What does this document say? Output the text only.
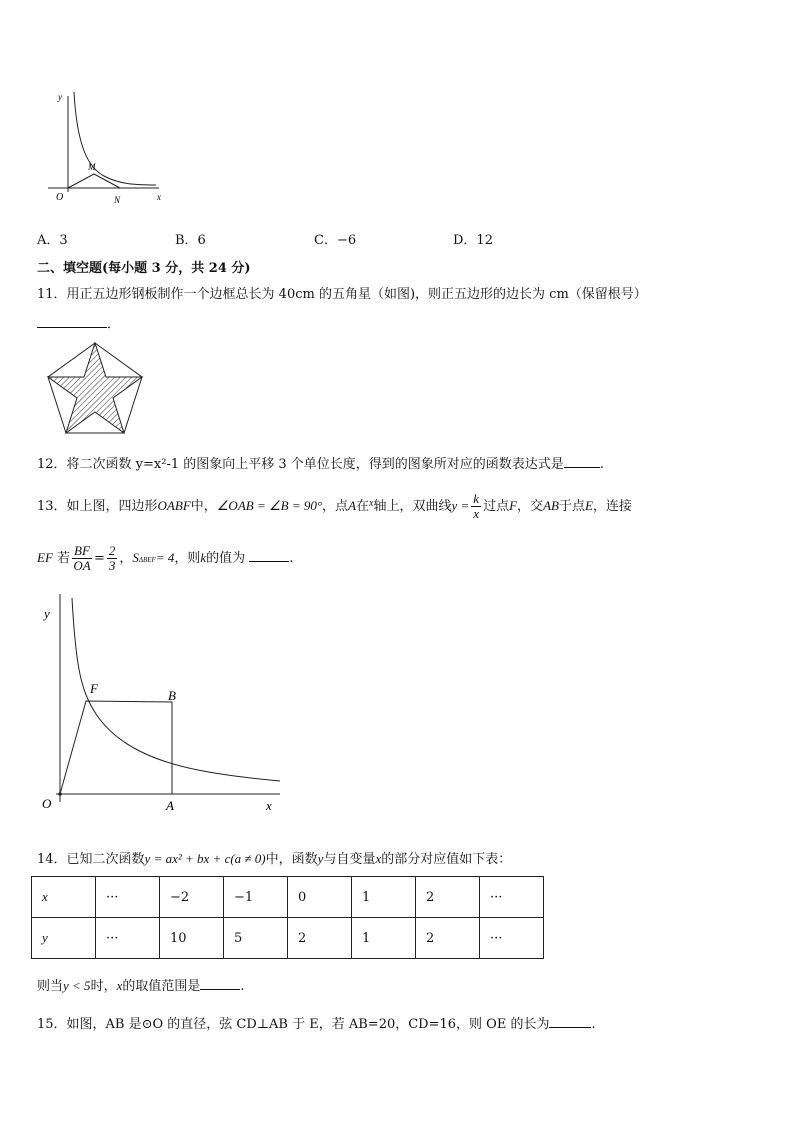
y
x
O
M
N
A．3	B．6	C．−6	D．12
二、填空题(每小题 3 分，共 24 分)
11．用正五边形钢板制作一个边框总长为 40cm 的五角星（如图)，则正五边形的边长为 cm（保留根号）
．
12．将二次函数 y=x²-1 的图象向上平移 3 个单位长度，得到的图象所对应的函数表达式是	.
13．如上图，四边形OABF中，∠OAB = ∠B = 90°，点A在$^x$轴上，双曲线$y = \frac{k}{x}$ 过点F，交AB于点E，连接
EF 若 $\frac{BF}{OA} = \frac{2}{3}$ ，SΔBEF= 4，则k的值为	.
y
x
O
F	B
A
14．已知二次函数y = ax² + bx + c(a ≠ 0)中，函数y与自变量x的部分对应值如下表：
x	···	−2	−1	0	1	2	···
y	···	10	5	2	1	2	···
则当y < 5时，x的取值范围是	.
15．如图，AB 是⊙O 的直径，弦 CD⊥AB 于 E，若 AB=20，CD=16，则 OE 的长为	.
